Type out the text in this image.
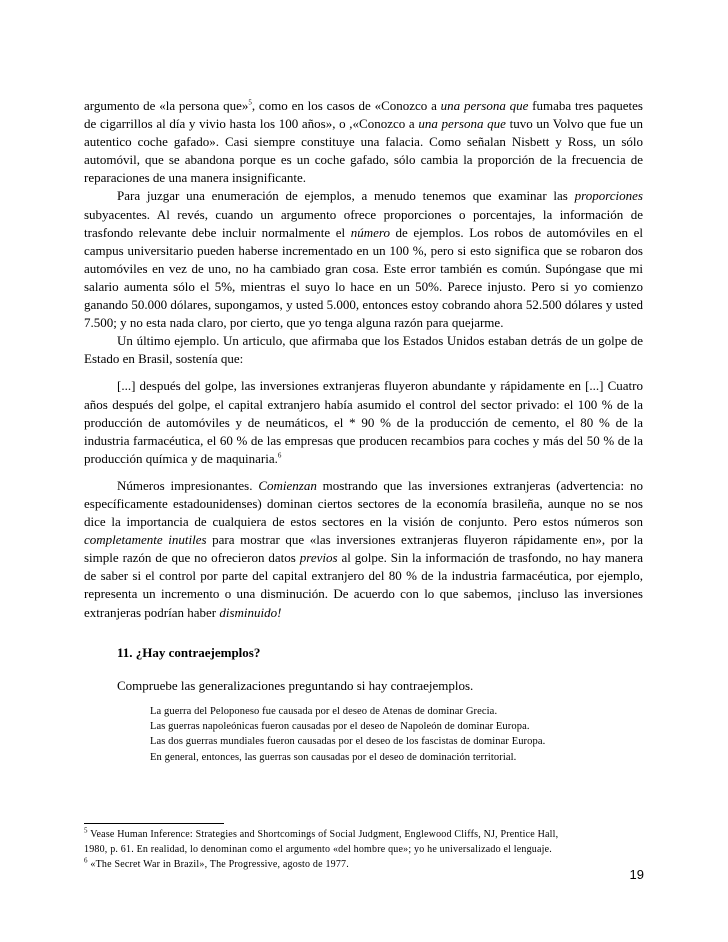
argumento de «la persona que»$^5$, como en los casos de «Conozco a una persona que fumaba tres paquetes de cigarrillos al día y vivio hasta los 100 años», o ,«Conozco a una persona que tuvo un Volvo que fue un autentico coche gafado». Casi siempre constituye una falacia. Como señalan Nisbett y Ross, un sólo automóvil, que se abandona porque es un coche gafado, sólo cambia la proporción de la frecuencia de reparaciones de una manera insignificante.

Para juzgar una enumeración de ejemplos, a menudo tenemos que examinar las proporciones subyacentes. Al revés, cuando un argumento ofrece proporciones o porcentajes, la información de trasfondo relevante debe incluir normalmente el número de ejemplos. Los robos de automóviles en el campus universitario pueden haberse incrementado en un 100 %, pero si esto significa que se robaron dos automóviles en vez de uno, no ha cambiado gran cosa. Este error también es común. Supóngase que mi salario aumenta sólo el 5%, mientras el suyo lo hace en un 50%. Parece injusto. Pero si yo comienzo ganando 50.000 dólares, supongamos, y usted 5.000, entonces estoy cobrando ahora 52.500 dólares y usted 7.500; y no esta nada claro, por cierto, que yo tenga alguna razón para quejarme.

Un último ejemplo. Un articulo, que afirmaba que los Estados Unidos estaban detrás de un golpe de Estado en Brasil, sostenía que:

[...] después del golpe, las inversiones extranjeras fluyeron abundante y rápidamente en [...] Cuatro años después del golpe, el capital extranjero había asumido el control del sector privado: el 100 % de la producción de automóviles y de neumáticos, el * 90 % de la producción de cemento, el 80 % de la industria farmacéutica, el 60 % de las empresas que producen recambios para coches y más del 50 % de la producción química y de maquinaria.$^6$

Números impresionantes. Comienzan mostrando que las inversiones extranjeras (advertencia: no específicamente estadounidenses) dominan ciertos sectores de la economía brasileña, aunque no se nos dice la importancia de cualquiera de estos sectores en la visión de conjunto. Pero estos números son completamente inutiles para mostrar que «las inversiones extranjeras fluyeron rápidamente en», por la simple razón de que no ofrecieron datos previos al golpe. Sin la información de trasfondo, no hay manera de saber si el control por parte del capital extranjero del 80 % de la industria farmacéutica, por ejemplo, representa un incremento o una disminución. De acuerdo con lo que sabemos, ¡incluso las inversiones extranjeras podrían haber disminuido!

11. ¿Hay contraejemplos?

Compruebe las generalizaciones preguntando si hay contraejemplos.

La guerra del Peloponeso fue causada por el deseo de Atenas de dominar Grecia.

Las guerras napoleónicas fueron causadas por el deseo de Napoleón de dominar Europa.

Las dos guerras mundiales fueron causadas por el deseo de los fascistas de dominar Europa.

En general, entonces, las guerras son causadas por el deseo de dominación territorial.

$^5$ Vease Human Inference: Strategies and Shortcomings of Social Judgment, Englewood Cliffs, NJ, Prentice Hall,

1980, p. 61. En realidad, lo denominan como el argumento «del hombre que»; yo he universalizado el lenguaje.

$^6$ «The Secret War in Brazil», The Progressive, agosto de 1977.

19
